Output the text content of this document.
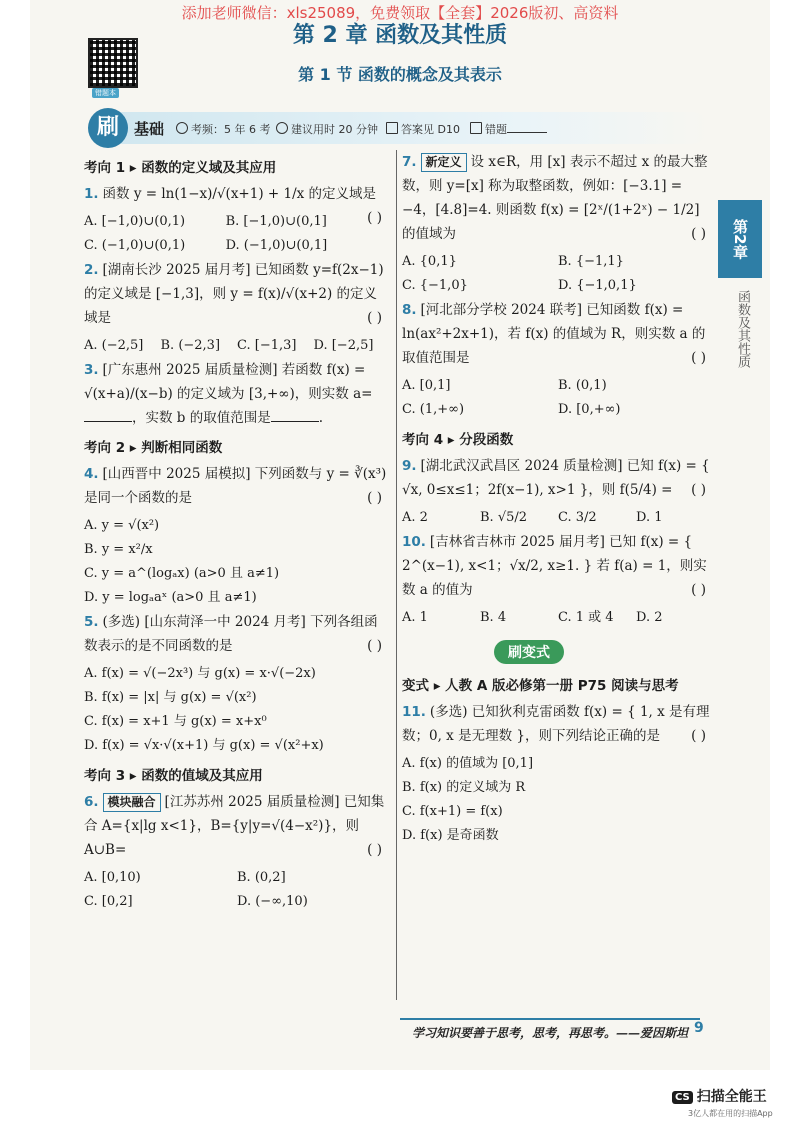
添加老师微信：xls25089，免费领取【全套】2026版初、高资料
错题本
第 2 章 函数及其性质
第 1 节 函数的概念及其表示
刷	基础	考频：5 年 6 考	建议用时 20 分钟	答案见 D10	错题
第2章
函数及其性质
考向 1 ▸ 函数的定义域及其应用
1. 函数 y = ln(1−x)/√(x+1) + 1/x 的定义域是
( )
A. [−1,0)∪(0,1)	B. [−1,0)∪(0,1]
C. (−1,0)∪(0,1)	D. (−1,0)∪(0,1]
2. [湖南长沙 2025 届月考] 已知函数 y=f(2x−1) 的定义域是 [−1,3]，则 y = f(x)/√(x+2) 的定义域是	( )
A. (−2,5]	B. (−2,3]	C. [−1,3]	D. [−2,5]
3. [广东惠州 2025 届质量检测] 若函数 f(x) = √(x+a)/(x−b) 的定义域为 [3,+∞)，则实数 a=，实数 b 的取值范围是	.
考向 2 ▸ 判断相同函数
4. [山西晋中 2025 届模拟] 下列函数与 y = ∛(x³) 是同一个函数的是	( )
A. y = √(x²)
B. y = x²/x
C. y = a^(logₐx) (a>0 且 a≠1)
D. y = logₐaˣ (a>0 且 a≠1)
5. (多选) [山东菏泽一中 2024 月考] 下列各组函数表示的是不同函数的是	( )
A. f(x) = √(−2x³) 与 g(x) = x·√(−2x)
B. f(x) = |x| 与 g(x) = √(x²)
C. f(x) = x+1 与 g(x) = x+x⁰
D. f(x) = √x·√(x+1) 与 g(x) = √(x²+x)
考向 3 ▸ 函数的值域及其应用
6. 模块融合 [江苏苏州 2025 届质量检测] 已知集合 A={x|lg x<1}，B={y|y=√(4−x²)}，则 A∪B=	( )
A. [0,10)	B. (0,2]
C. [0,2]	D. (−∞,10)
7. 新定义 设 x∈R，用 [x] 表示不超过 x 的最大整数，则 y=[x] 称为取整函数，例如：[−3.1] = −4，[4.8]=4. 则函数 f(x) = [2ˣ/(1+2ˣ) − 1/2] 的值域为	( )
A. {0,1}	B. {−1,1}
C. {−1,0}	D. {−1,0,1}
8. [河北部分学校 2024 联考] 已知函数 f(x) = ln(ax²+2x+1)，若 f(x) 的值域为 R，则实数 a 的取值范围是	( )
A. [0,1]	B. (0,1)
C. (1,+∞)	D. [0,+∞)
考向 4 ▸ 分段函数
9. [湖北武汉武昌区 2024 质量检测] 已知 f(x) = { √x, 0≤x≤1；2f(x−1), x>1 }，则 f(5/4) = ( )
A. 2	B. √5/2	C. 3/2	D. 1
10. [吉林省吉林市 2025 届月考] 已知 f(x) = { 2^(x−1), x<1；√x/2, x≥1. } 若 f(a) = 1，则实数 a 的值为	( )
A. 1	B. 4	C. 1 或 4	D. 2
刷变式
变式 ▸ 人教 A 版必修第一册 P75 阅读与思考
11. (多选) 已知狄利克雷函数 f(x) = { 1, x 是有理数；0, x 是无理数 }，则下列结论正确的是 ( )
A. f(x) 的值域为 [0,1]
B. f(x) 的定义域为 R
C. f(x+1) = f(x)
D. f(x) 是奇函数
学习知识要善于思考，思考，再思考。——爱因斯坦 9
CS 扫描全能王
3亿人都在用的扫描App
